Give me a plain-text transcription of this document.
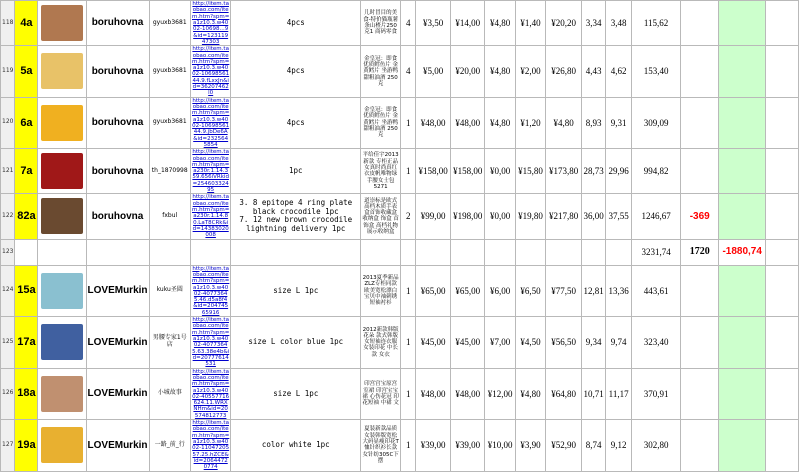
118	4a		boruhovna	gyuxb3681	http://item.taobao.com/item.htm?spm=a1z10.3.w4002-10698...9&id=12311947303	4pcs	儿时冒目的美食-特价猫瓶薯条山楂片250克1 商码零食	4	¥3,50	¥14,00	¥4,80	¥1,40	¥20,20	3,34	3,48	115,62			
119	5a		boruhovna	gyuxb3681	http://item.taobao.com/item.htm?spm=a1z10.3.w4002-1069856144.9.fLxxJn&id=36207462l0	4pcs	金皇冠：即食优质鳕鱼片 金黄鳕片 坐游鸭 甜粗油酒 250克	4	¥5,00	¥20,00	¥4,80	¥2,00	¥26,80	4,43	4,62	153,40			
120	6a		boruhovna	gyuxb3681	http://item.taobao.com/item.htm?spm=a1z10.3.w4002-1069856144.9.jbDe6A&id=2325645854	4pcs	金皇冠：即食优质鳕鱼片 金黄鳕片 坐游鸭 甜粗油酒 250克	1	¥48,00	¥48,00	¥4,80	¥1,20	¥4,80	8,93	9,31	309,09			
121	7a		boruhovna	th_1870998	http://item.taobao.com/item.htm?spm=a230r.1.14.359.656iVRkid=25460332495	1pc	平给佳宇2013新款 专柜正品女真时尚真红衣皮帆唯物绿手腰女士包5271	1	¥158,00	¥158,00	¥0,00	¥15,80	¥173,80	28,73	29,96	994,82			
122	82a		boruhovna	fxbul	http://item.taobao.com/item.htm?spm=a230r.1.14.80.LaT8CRk&id=14383020008	3. 8 epitope 4 ring plate black crocodile 1pc
7. 12 new brown crocodile lightning delivery 1pc	道崇标是欧式高档木质手表盒首饰收藏盒收纳盒 饰盒 首饰盒 高档礼物 展示收纳盒	2	¥99,00	¥198,00	¥0,00	¥19,80	¥217,80	36,00	37,55	1246,67	-369		
123																3231,74	1720	-1880,74	
124	15a		LOVEMurkin	kuku圣圆	http://item.taobao.com/item.htm?spm=a1z10.3.w4002-40773645.46.d5a8f4&id=20474565916	size L 1pc	2013夏季新品ZLZ专柜同款欧美宽松漂白宝贝中袖刺绣短袖衬衫	1	¥65,00	¥65,00	¥6,00	¥6,50	¥77,50	12,81	13,36	443,61			
125	17a		LOVEMurkin	男腰专家1号店	http://item.taobao.com/item.htm?spm=a1z10.3.w4002-40773645.63.38e4b&id=20777614531	size L color blue 1pc	2012新款韩版花朵 款式韩版女短袖连衣服 女装印花 中长款 女衣	1	¥45,00	¥45,00	¥7,00	¥4,50	¥56,50	9,34	9,74	323,40			
126	18a		LOVEMurkin	小城故事	http://item.taobao.com/item.htm?spm=a1z10.3.w4002-40557716624.11.WRXNHm&id=20574812773	size L 1pc	印宫宫宝原宫室裙 印宫宝宝裙 心伤花冠 印花短袖 中裙 文	1	¥48,00	¥48,00	¥12,00	¥4,80	¥64,80	10,71	11,17	370,91			
127	19a		LOVEMurkin	一路_前_行	http://item.taobao.com/item.htm?spm=a1z10.3.w4002-1104720557.25.hZCE&id=20644720774	color white 1pc	夏装新款品质女装韩版宽松大码显瘦印花T恤针织衫长款女针纺305C下摆	1	¥39,00	¥39,00	¥10,00	¥3,90	¥52,90	8,74	9,12	302,80			
